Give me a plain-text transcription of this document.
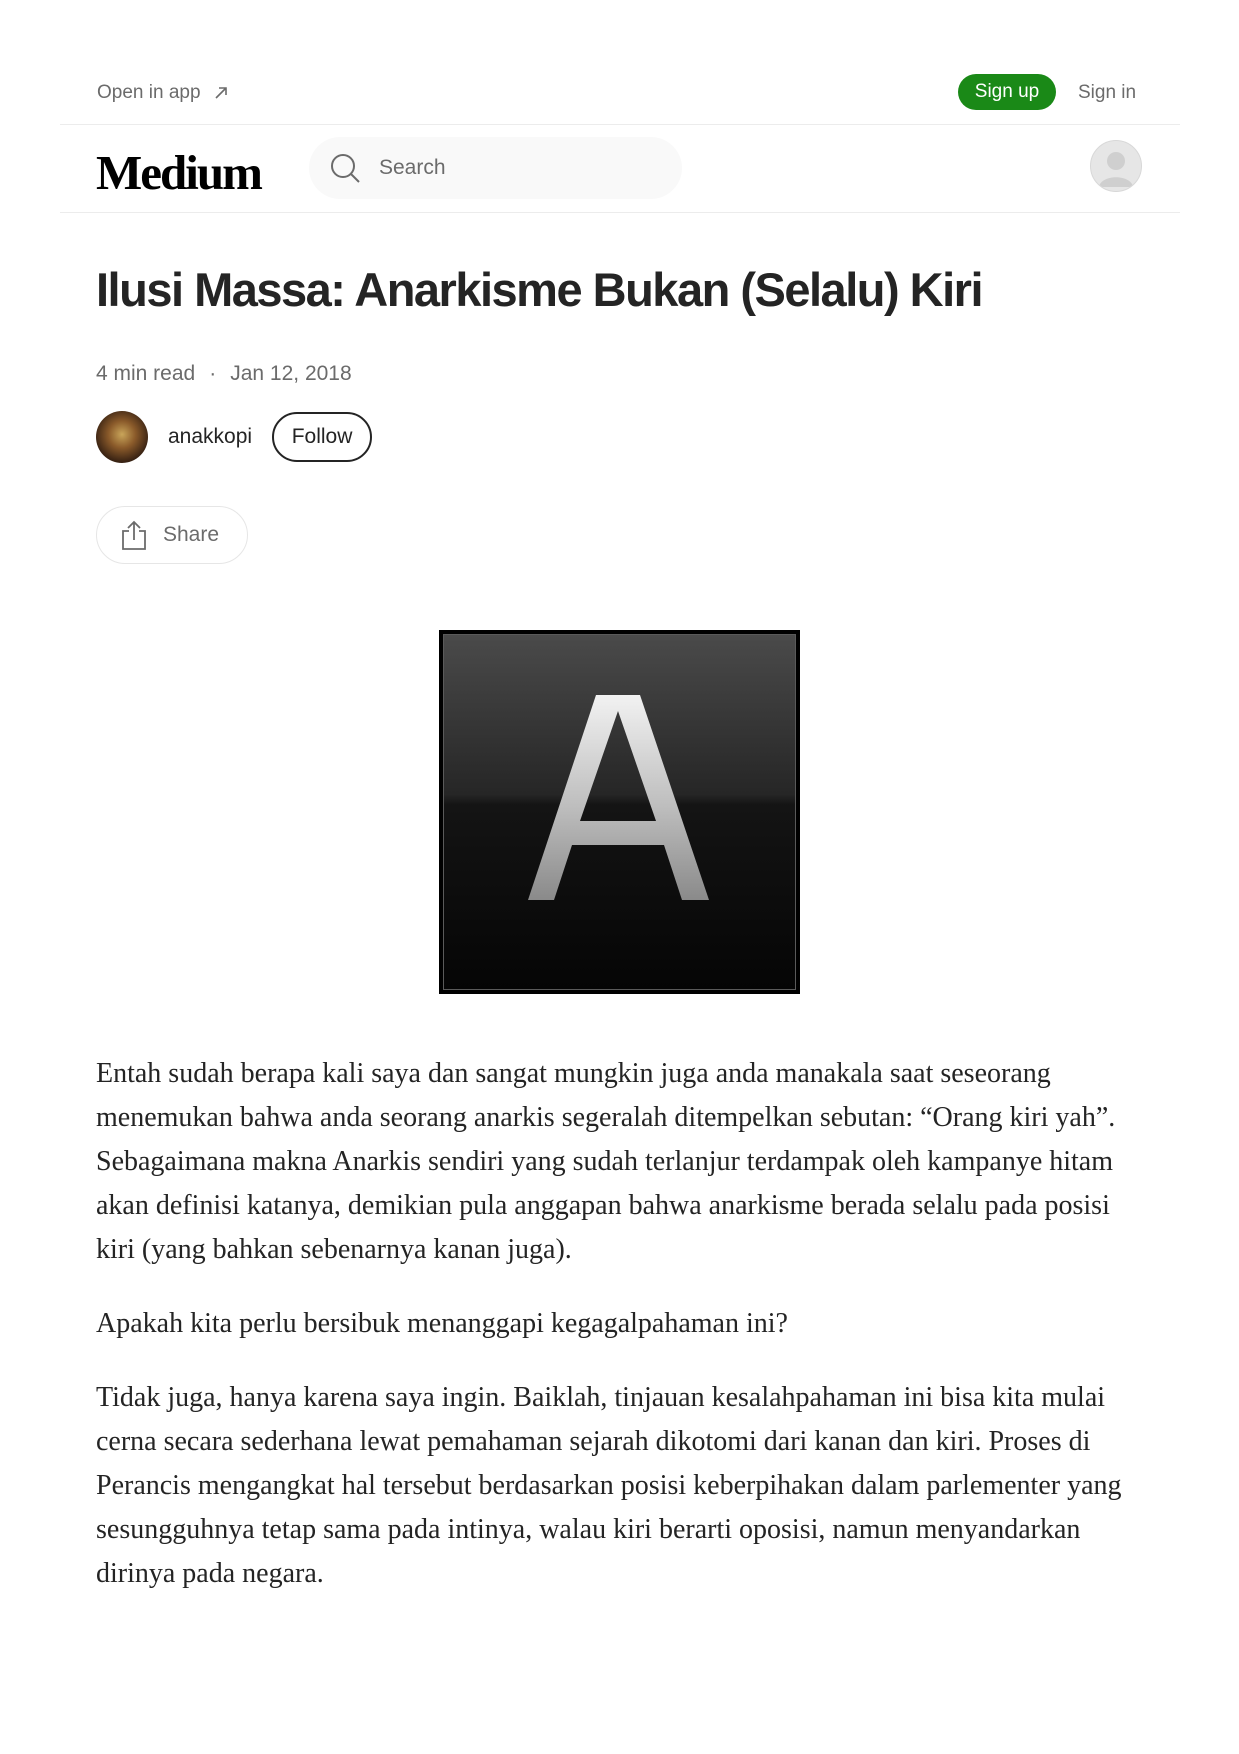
Open in app	Sign up Sign in
Medium	Search
Ilusi Massa: Anarkisme Bukan (Selalu) Kiri
4 min read · Jan 12, 2018
anakkopi Follow
Share

Entah sudah berapa kali saya dan sangat mungkin juga anda manakala saat seseorang menemukan bahwa anda seorang anarkis segeralah ditempelkan sebutan: “Orang kiri yah”. Sebagaimana makna Anarkis sendiri yang sudah terlanjur terdampak oleh kampanye hitam akan definisi katanya, demikian pula anggapan bahwa anarkisme berada selalu pada posisi kiri (yang bahkan sebenarnya kanan juga).

Apakah kita perlu bersibuk menanggapi kegagalpahaman ini?

Tidak juga, hanya karena saya ingin. Baiklah, tinjauan kesalahpahaman ini bisa kita mulai cerna secara sederhana lewat pemahaman sejarah dikotomi dari kanan dan kiri. Proses di Perancis mengangkat hal tersebut berdasarkan posisi keberpihakan dalam parlementer yang sesungguhnya tetap sama pada intinya, walau kiri berarti oposisi, namun menyandarkan dirinya pada negara.
